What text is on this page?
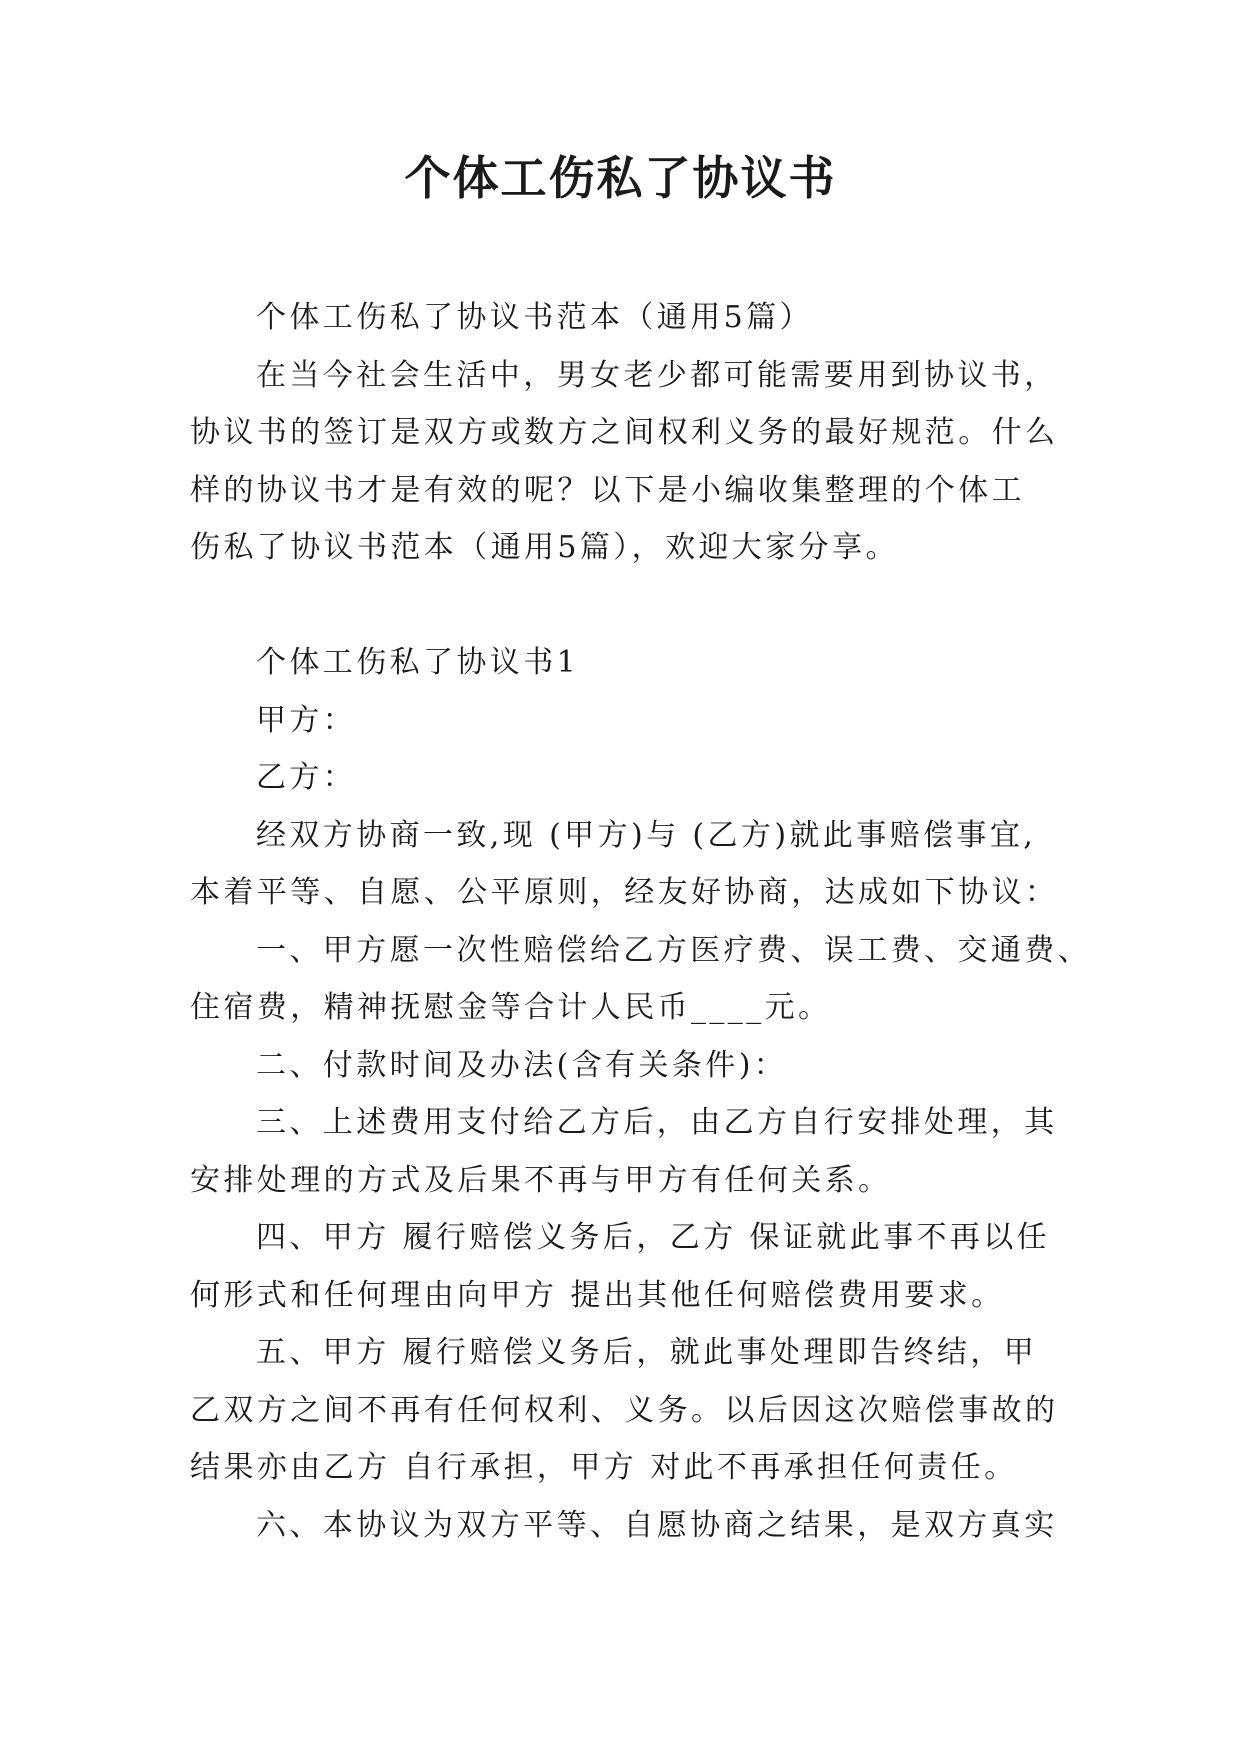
个体工伤私了协议书

个体工伤私了协议书范本（通用5篇）

在当今社会生活中，男女老少都可能需要用到协议书，

协议书的签订是双方或数方之间权利义务的最好规范。什么

样的协议书才是有效的呢？以下是小编收集整理的个体工

伤私了协议书范本（通用5篇），欢迎大家分享。

个体工伤私了协议书1

甲方：

乙方：

经双方协商一致,现 (甲方)与 (乙方)就此事赔偿事宜,

本着平等、自愿、公平原则，经友好协商，达成如下协议：

一、甲方愿一次性赔偿给乙方医疗费、误工费、交通费、

住宿费，精神抚慰金等合计人民币____元。

二、付款时间及办法(含有关条件)：

三、上述费用支付给乙方后，由乙方自行安排处理，其

安排处理的方式及后果不再与甲方有任何关系。

四、甲方 履行赔偿义务后，乙方 保证就此事不再以任

何形式和任何理由向甲方 提出其他任何赔偿费用要求。

五、甲方 履行赔偿义务后，就此事处理即告终结，甲

乙双方之间不再有任何权利、义务。以后因这次赔偿事故的

结果亦由乙方 自行承担，甲方 对此不再承担任何责任。

六、本协议为双方平等、自愿协商之结果，是双方真实
